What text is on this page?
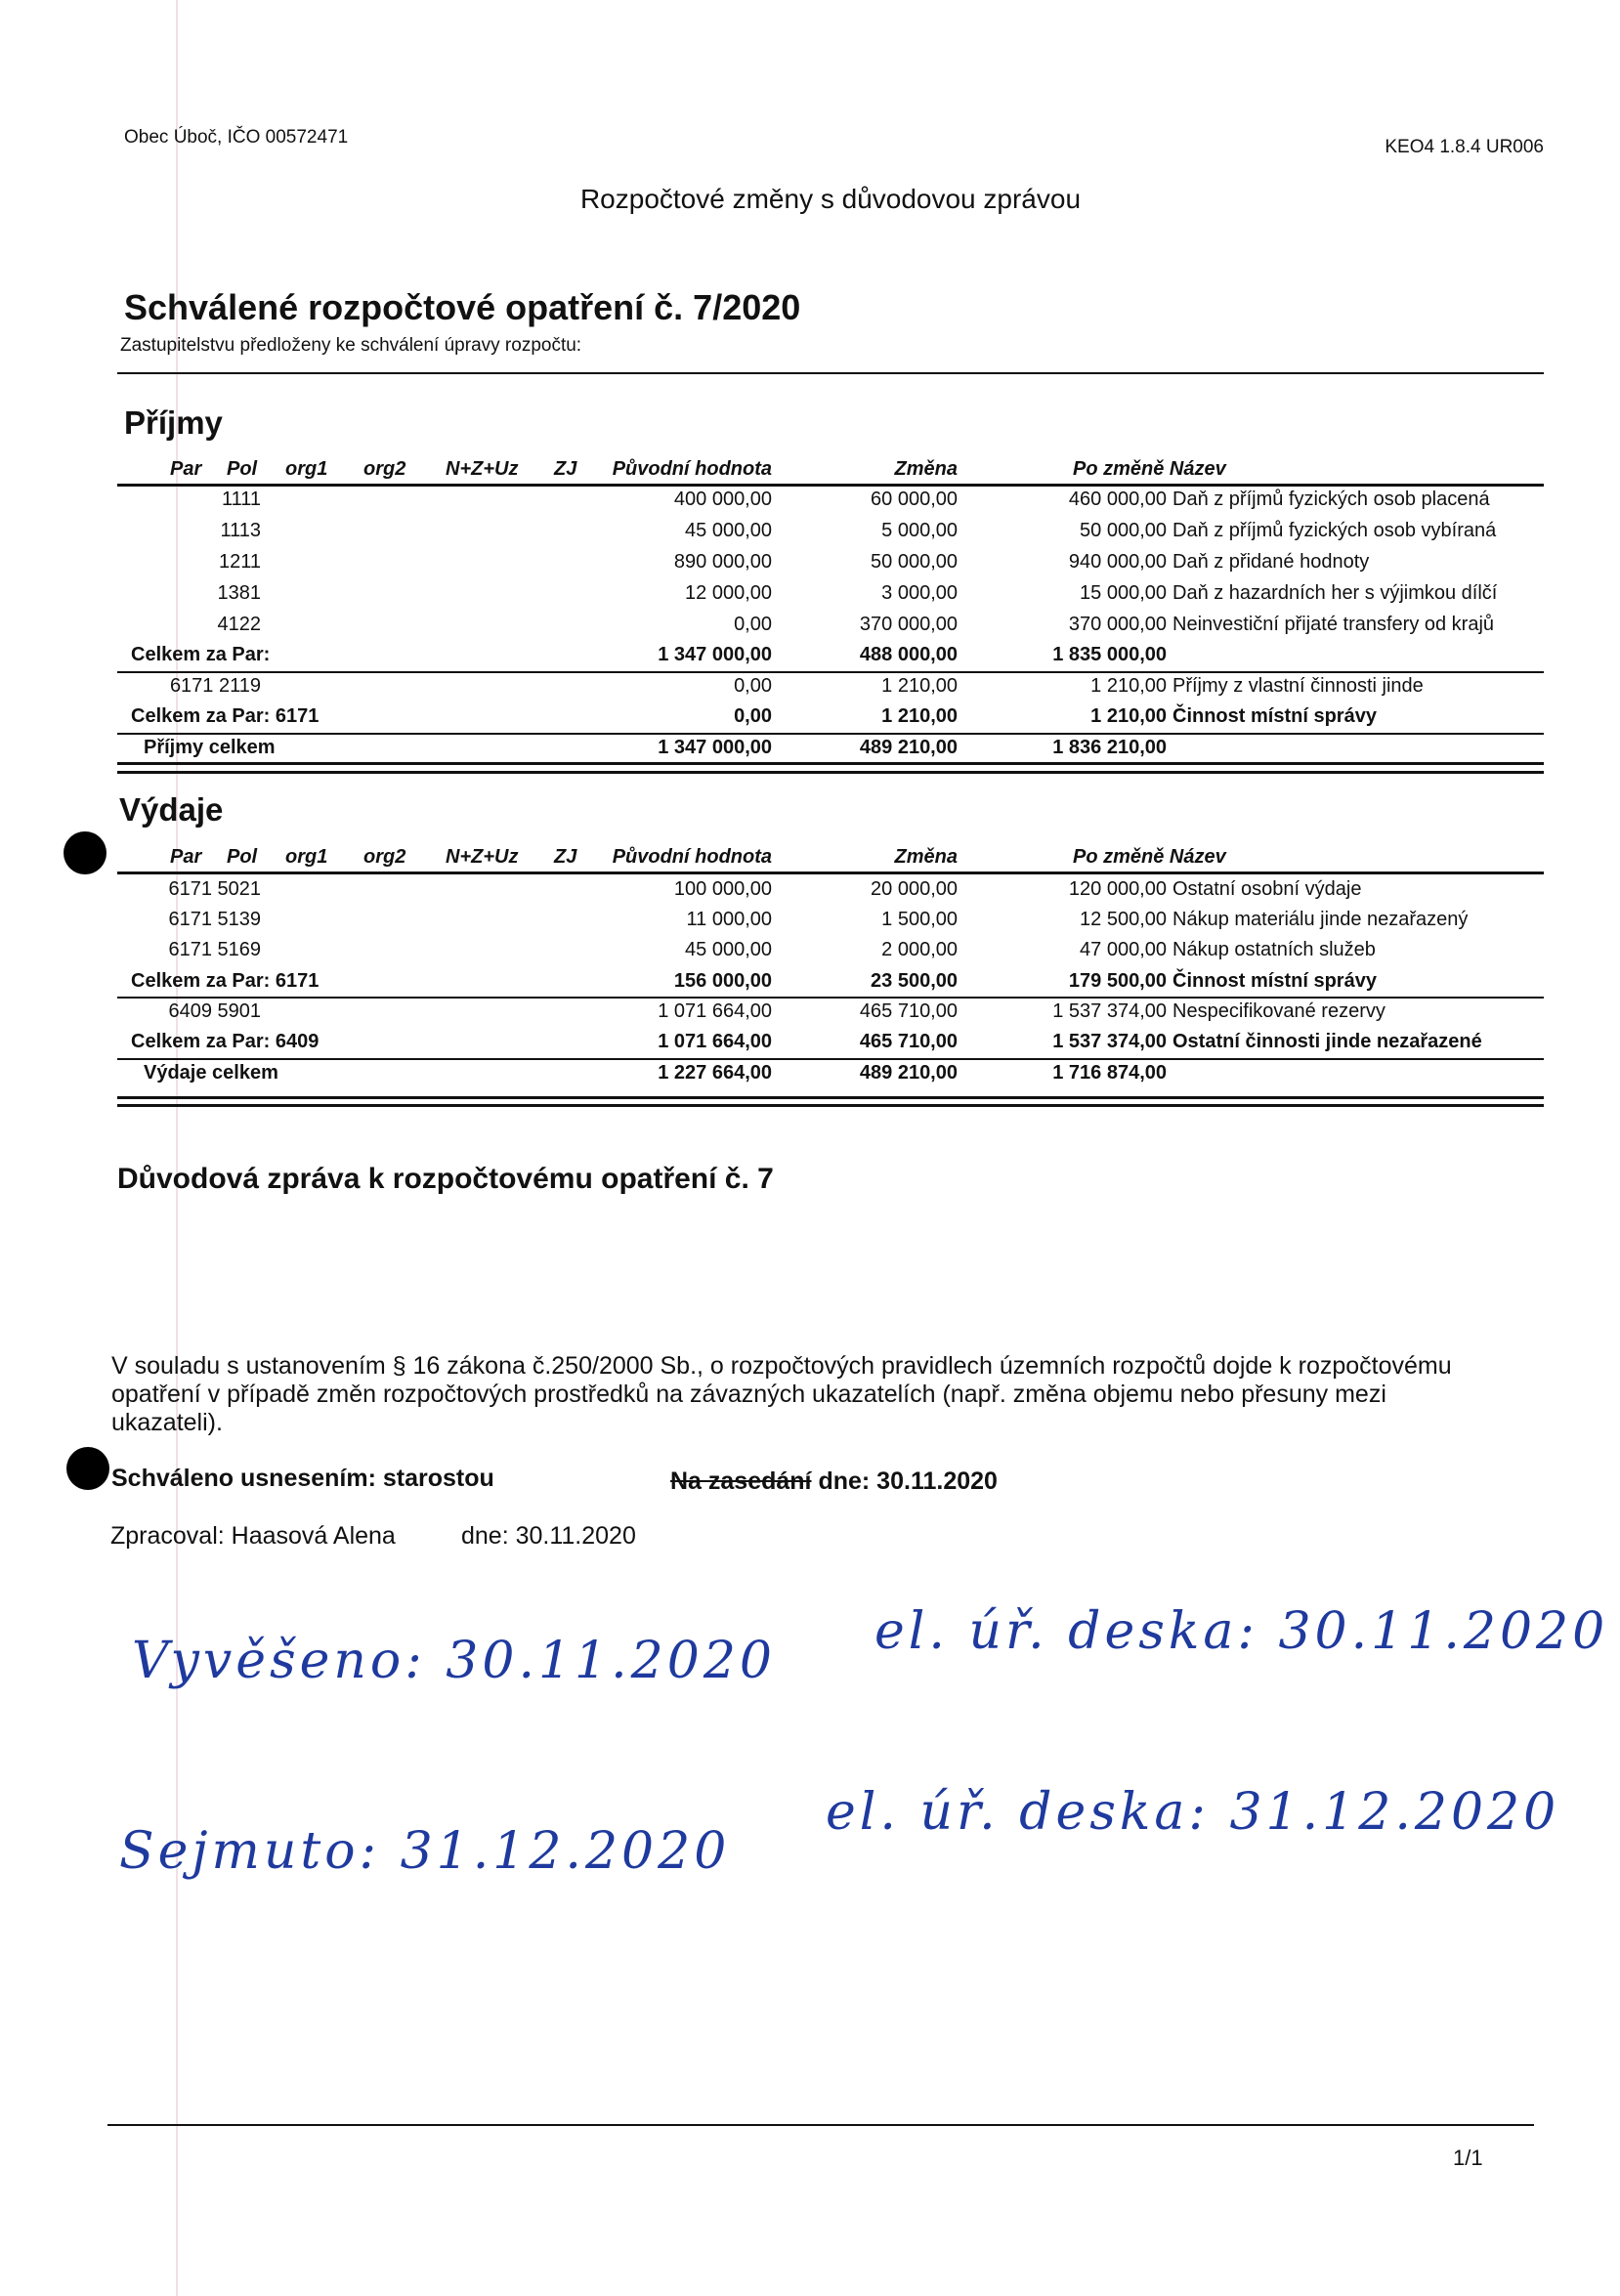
Obec Úboč, IČO 00572471	KEO4 1.8.4 UR006
Rozpočtové změny s důvodovou zprávou
Schválené rozpočtové opatření č. 7/2020
Zastupitelstvu předloženy ke schválení úpravy rozpočtu:
Příjmy
Par Pol org1 org2 N+Z+Uz ZJ Původní hodnota	Změna	Po změně Název
1111	400 000,00	60 000,00	460 000,00 Daň z příjmů fyzických osob placená
1113	45 000,00	5 000,00	50 000,00 Daň z příjmů fyzických osob vybíraná
1211	890 000,00	50 000,00	940 000,00 Daň z přidané hodnoty
1381	12 000,00	3 000,00	15 000,00 Daň z hazardních her s výjimkou dílčí
4122	0,00	370 000,00	370 000,00 Neinvestiční přijaté transfery od krajů
Celkem za Par:	1 347 000,00	488 000,00	1 835 000,00
6171 2119	0,00	1 210,00	1 210,00 Příjmy z vlastní činnosti jinde
Celkem za Par: 6171	0,00	1 210,00	1 210,00 Činnost místní správy
Příjmy celkem	1 347 000,00	489 210,00	1 836 210,00
Výdaje
Par Pol org1 org2 N+Z+Uz ZJ Původní hodnota	Změna	Po změně Název
6171 5021	100 000,00	20 000,00	120 000,00 Ostatní osobní výdaje
6171 5139	11 000,00	1 500,00	12 500,00 Nákup materiálu jinde nezařazený
6171 5169	45 000,00	2 000,00	47 000,00 Nákup ostatních služeb
Celkem za Par: 6171	156 000,00	23 500,00	179 500,00 Činnost místní správy
6409 5901	1 071 664,00	465 710,00	1 537 374,00 Nespecifikované rezervy
Celkem za Par: 6409	1 071 664,00	465 710,00	1 537 374,00 Ostatní činnosti jinde nezařazené
Výdaje celkem	1 227 664,00	489 210,00	1 716 874,00
Důvodová zpráva k rozpočtovému opatření č. 7
V souladu s ustanovením § 16 zákona č.250/2000 Sb., o rozpočtových pravidlech územních rozpočtů dojde k rozpočtovému
opatření v případě změn rozpočtových prostředků na závazných ukazatelích (např. změna objemu nebo přesuny mezi
ukazateli).
Schváleno usnesením: starostou	Na zasedání dne: 30.11.2020
Zpracoval: Haasová Alena	dne: 30.11.2020
Vyvěšeno: 30.11.2020 el. úř. deska: 30.11.2020
Sejmuto: 31.12.2020
el. úř. deska: 31.12.2020
1/1
